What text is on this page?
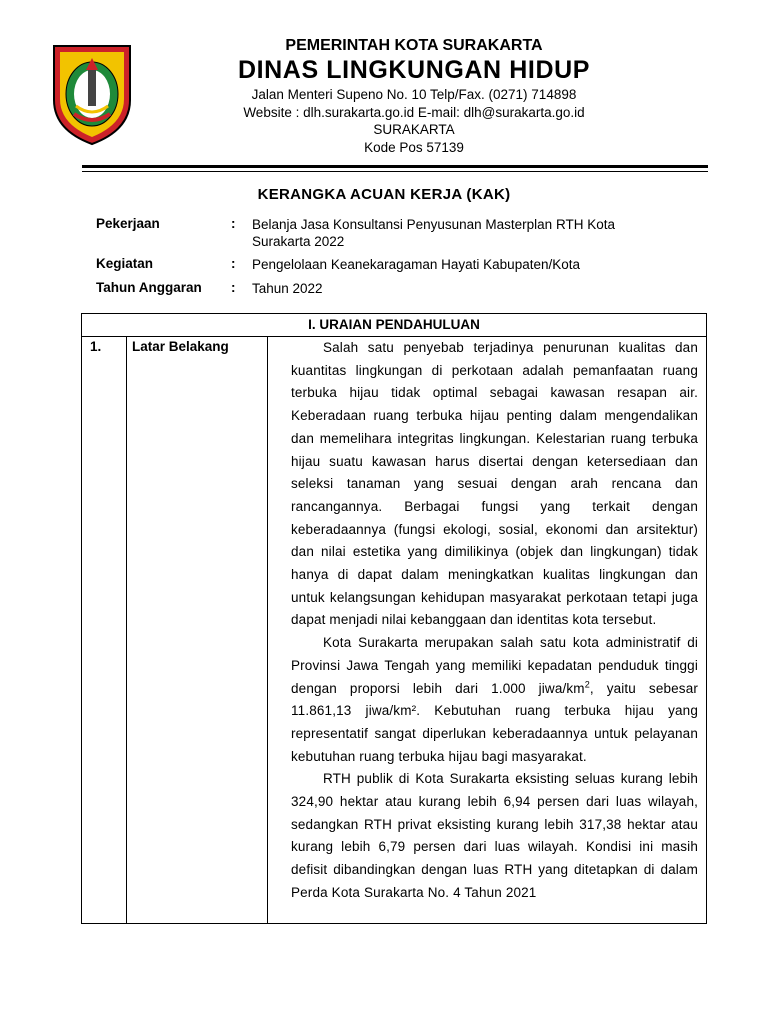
PEMERINTAH KOTA SURAKARTA
DINAS LINGKUNGAN HIDUP
Jalan Menteri Supeno No. 10 Telp/Fax. (0271) 714898
Website : dlh.surakarta.go.id E-mail: dlh@surakarta.go.id
SURAKARTA
Kode Pos 57139
KERANGKA ACUAN KERJA (KAK)
Pekerjaan	: Belanja Jasa Konsultansi Penyusunan Masterplan RTH Kota Surakarta 2022
Kegiatan	: Pengelolaan Keanekaragaman Hayati Kabupaten/Kota
Tahun Anggaran : Tahun 2022
I. URAIAN PENDAHULUAN
1.	Latar Belakang	Salah satu penyebab terjadinya penurunan kualitas dan kuantitas lingkungan di perkotaan adalah pemanfaatan ruang terbuka hijau tidak optimal sebagai kawasan resapan air. Keberadaan ruang terbuka hijau penting dalam mengendalikan dan memelihara integritas lingkungan. Kelestarian ruang terbuka hijau suatu kawasan harus disertai dengan ketersediaan dan seleksi tanaman yang sesuai dengan arah rencana dan rancangannya. Berbagai fungsi yang terkait dengan keberadaannya (fungsi ekologi, sosial, ekonomi dan arsitektur) dan nilai estetika yang dimilikinya (objek dan lingkungan) tidak hanya di dapat dalam meningkatkan kualitas lingkungan dan untuk kelangsungan kehidupan masyarakat perkotaan tetapi juga dapat menjadi nilai kebanggaan dan identitas kota tersebut.

Kota Surakarta merupakan salah satu kota administratif di Provinsi Jawa Tengah yang memiliki kepadatan penduduk tinggi dengan proporsi lebih dari 1.000 jiwa/$km^2$, yaitu sebesar 11.861,13 jiwa/km². Kebutuhan ruang terbuka hijau yang representatif sangat diperlukan keberadaannya untuk pelayanan kebutuhan ruang terbuka hijau bagi masyarakat.

RTH publik di Kota Surakarta eksisting seluas kurang lebih 324,90 hektar atau kurang lebih 6,94 persen dari luas wilayah, sedangkan RTH privat eksisting kurang lebih 317,38 hektar atau kurang lebih 6,79 persen dari luas wilayah. Kondisi ini masih defisit dibandingkan dengan luas RTH yang ditetapkan di dalam Perda Kota Surakarta No. 4 Tahun 2021
